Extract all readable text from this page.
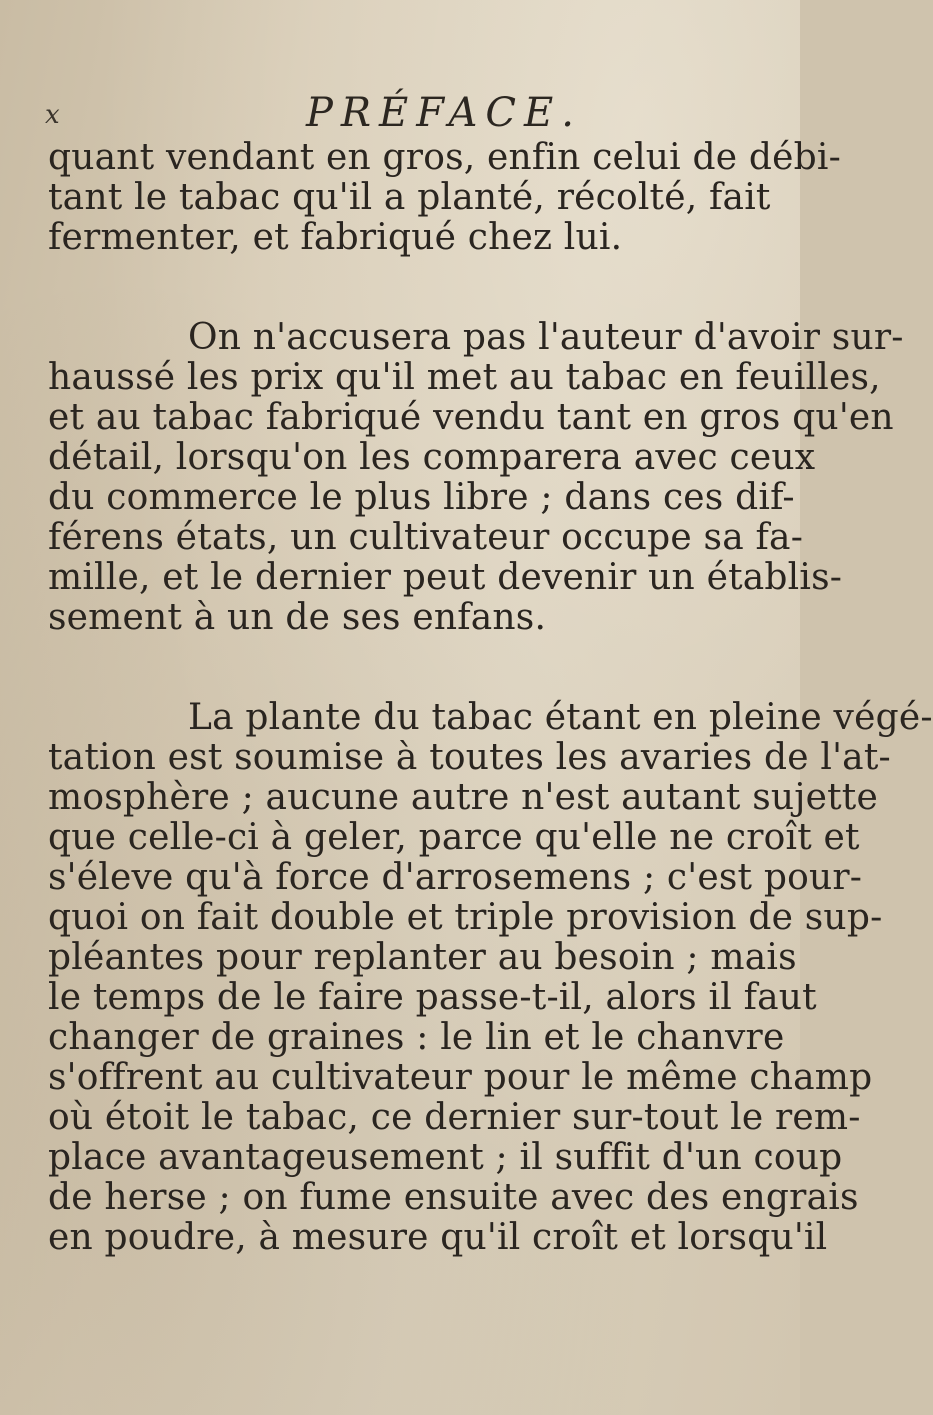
x	PRÉFACE.
quant vendant en gros, enfin celui de débi-
tant le tabac qu'il a planté, récolté, fait
fermenter, et fabriqué chez lui.
On n'accusera pas l'auteur d'avoir sur-
haussé les prix qu'il met au tabac en feuilles,
et au tabac fabriqué vendu tant en gros qu'en
détail, lorsqu'on les comparera avec ceux
du commerce le plus libre ; dans ces dif-
férens états, un cultivateur occupe sa fa-
mille, et le dernier peut devenir un établis-
sement à un de ses enfans.
La plante du tabac étant en pleine végé-
tation est soumise à toutes les avaries de l'at-
mosphère ; aucune autre n'est autant sujette
que celle-ci à geler, parce qu'elle ne croît et
s'éleve qu'à force d'arrosemens ; c'est pour-
quoi on fait double et triple provision de sup-
pléantes pour replanter au besoin ; mais
le temps de le faire passe-t-il, alors il faut
changer de graines : le lin et le chanvre
s'offrent au cultivateur pour le même champ
où étoit le tabac, ce dernier sur-tout le rem-
place avantageusement ; il suffit d'un coup
de herse ; on fume ensuite avec des engrais
en poudre, à mesure qu'il croît et lorsqu'il
